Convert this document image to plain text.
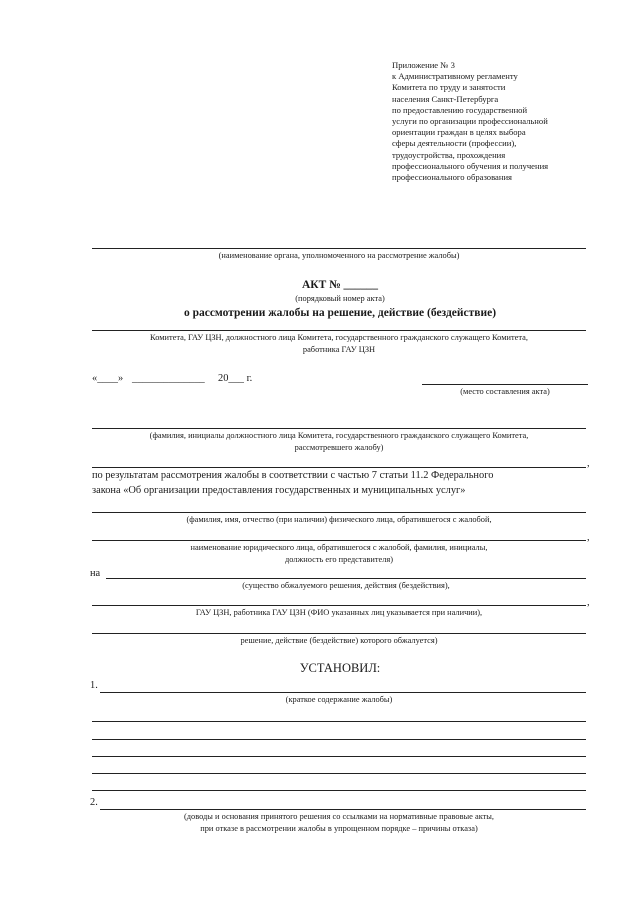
Приложение № 3
к Административному регламенту
Комитета по труду и занятости
населения Санкт-Петербурга
по предоставлению государственной
услуги по организации профессиональной
ориентации граждан в целях выбора
сферы деятельности (профессии),
трудоустройства, прохождения
профессионального обучения и получения
профессионального образования
(наименование органа, уполномоченного на рассмотрение жалобы)
АКТ № ______
(порядковый номер акта)
о рассмотрении жалобы на решение, действие (бездействие)
Комитета, ГАУ ЦЗН, должностного лица Комитета, государственного гражданского служащего Комитета,
работника ГАУ ЦЗН
«____» ______________ 20___ г.
(место составления акта)
(фамилия, инициалы должностного лица Комитета, государственного гражданского служащего Комитета,
рассмотревшего жалобу)
,
по результатам рассмотрения жалобы в соответствии с частью 7 статьи 11.2 Федерального
закона «Об организации предоставления государственных и муниципальных услуг»
(фамилия, имя, отчество (при наличии) физического лица, обратившегося с жалобой,
,
наименование юридического лица, обратившегося с жалобой, фамилия, инициалы,
должность его представителя)
на
(существо обжалуемого решения, действия (бездействия),
,
ГАУ ЦЗН, работника ГАУ ЦЗН (ФИО указанных лиц указывается при наличии),
решение, действие (бездействие) которого обжалуется)
УСТАНОВИЛ:
1.
(краткое содержание жалобы)
2.
(доводы и основания принятого решения со ссылками на нормативные правовые акты,
при отказе в рассмотрении жалобы в упрощенном порядке – причины отказа)
